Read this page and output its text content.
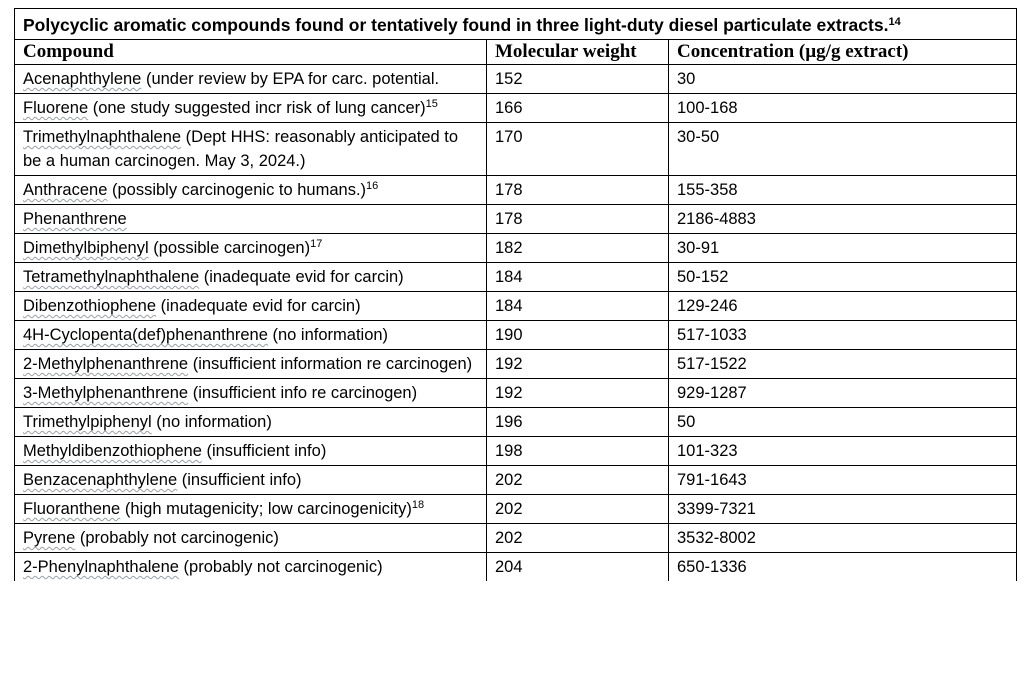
Polycyclic aromatic compounds found or tentatively found in three light-duty diesel particulate extracts.$^{14}$
Compound	Molecular weight	Concentration (µg/g extract)
Acenaphthylene (under review by EPA for carc. potential.	152	30
Fluorene (one study suggested incr risk of lung cancer)$^{15}$	166	100-168
Trimethylnaphthalene (Dept HHS: reasonably anticipated to be a human carcinogen. May 3, 2024.)	170	30-50
Anthracene (possibly carcinogenic to humans.)$^{16}$	178	155-358
Phenanthrene	178	2186-4883
Dimethylbiphenyl (possible carcinogen)$^{17}$	182	30-91
Tetramethylnaphthalene (inadequate evid for carcin)	184	50-152
Dibenzothiophene (inadequate evid for carcin)	184	129-246
4H-Cyclopenta(def)phenanthrene (no information)	190	517-1033
2-Methylphenanthrene (insufficient information re carcinogen)	192	517-1522
3-Methylphenanthrene (insufficient info re carcinogen)	192	929-1287
Trimethylpiphenyl (no information)	196	50
Methyldibenzothiophene (insufficient info)	198	101-323
Benzacenaphthylene (insufficient info)	202	791-1643
Fluoranthene (high mutagenicity; low carcinogenicity)$^{18}$	202	3399-7321
Pyrene (probably not carcinogenic)	202	3532-8002
2-Phenylnaphthalene (probably not carcinogenic)	204	650-1336
